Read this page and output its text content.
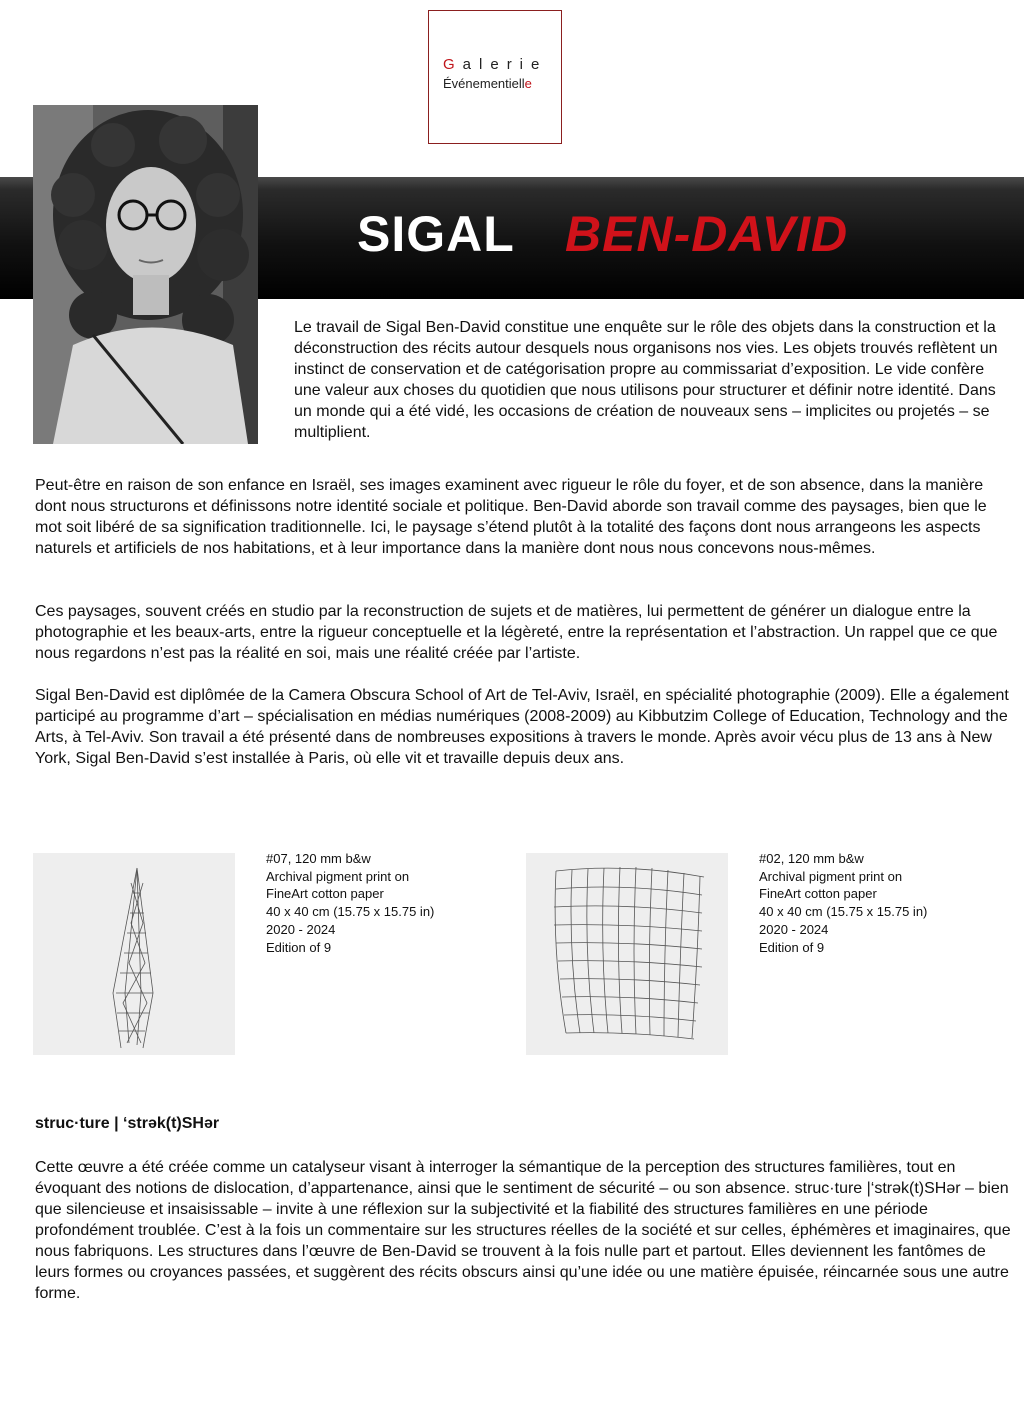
Galerie
Événementielle
SIGAL BEN-DAVID

Le travail de Sigal Ben-David constitue une enquête sur le rôle des objets dans la construction et la déconstruction des récits autour desquels nous organisons nos vies. Les objets trouvés reflètent un instinct de conservation et de catégorisation propre au commissariat d’exposition. Le vide confère une valeur aux choses du quotidien que nous utilisons pour structurer et définir notre identité. Dans un monde qui a été vidé, les occasions de création de nouveaux sens – implicites ou projetés – se multiplient.

Peut-être en raison de son enfance en Israël, ses images examinent avec rigueur le rôle du foyer, et de son absence, dans la manière dont nous structurons et définissons notre identité sociale et politique. Ben-David aborde son travail comme des paysages, bien que le mot soit libéré de sa signification traditionnelle. Ici, le paysage s’étend plutôt à la totalité des façons dont nous arrangeons les aspects naturels et artificiels de nos habitations, et à leur importance dans la manière dont nous nous concevons nous-mêmes.

Ces paysages, souvent créés en studio par la reconstruction de sujets et de matières, lui permettent de générer un dialogue entre la photographie et les beaux-arts, entre la rigueur conceptuelle et la légèreté, entre la représentation et l’abstraction. Un rappel que ce que nous regardons n’est pas la réalité en soi, mais une réalité créée par l’artiste.

Sigal Ben-David est diplômée de la Camera Obscura School of Art de Tel-Aviv, Israël, en spécialité photographie (2009). Elle a également participé au programme d’art – spécialisation en médias numériques (2008-2009) au Kibbutzim College of Education, Technology and the Arts, à Tel-Aviv. Son travail a été présenté dans de nombreuses expositions à travers le monde. Après avoir vécu plus de 13 ans à New York, Sigal Ben-David s’est installée à Paris, où elle vit et travaille depuis deux ans.

#07, 120 mm b&w
Archival pigment print on
FineArt cotton paper
40 x 40 cm (15.75 x 15.75 in)
2020 - 2024
Edition of 9
#02, 120 mm b&w
Archival pigment print on
FineArt cotton paper
40 x 40 cm (15.75 x 15.75 in)
2020 - 2024
Edition of 9
struc·ture | ‘strək(t)SHər

Cette œuvre a été créée comme un catalyseur visant à interroger la sémantique de la perception des structures familières, tout en évoquant des notions de dislocation, d’appartenance, ainsi que le sentiment de sécurité – ou son absence. struc·ture |‘strək(t)SHər – bien que silencieuse et insaisissable – invite à une réflexion sur la subjectivité et la fiabilité des structures familières en une période profondément troublée. C’est à la fois un commentaire sur les structures réelles de la société et sur celles, éphémères et imaginaires, que nous fabriquons. Les structures dans l’œuvre de Ben-David se trouvent à la fois nulle part et partout. Elles deviennent les fantômes de leurs formes ou croyances passées, et suggèrent des récits obscurs ainsi qu’une idée ou une matière épuisée, réincarnée sous une autre forme.
